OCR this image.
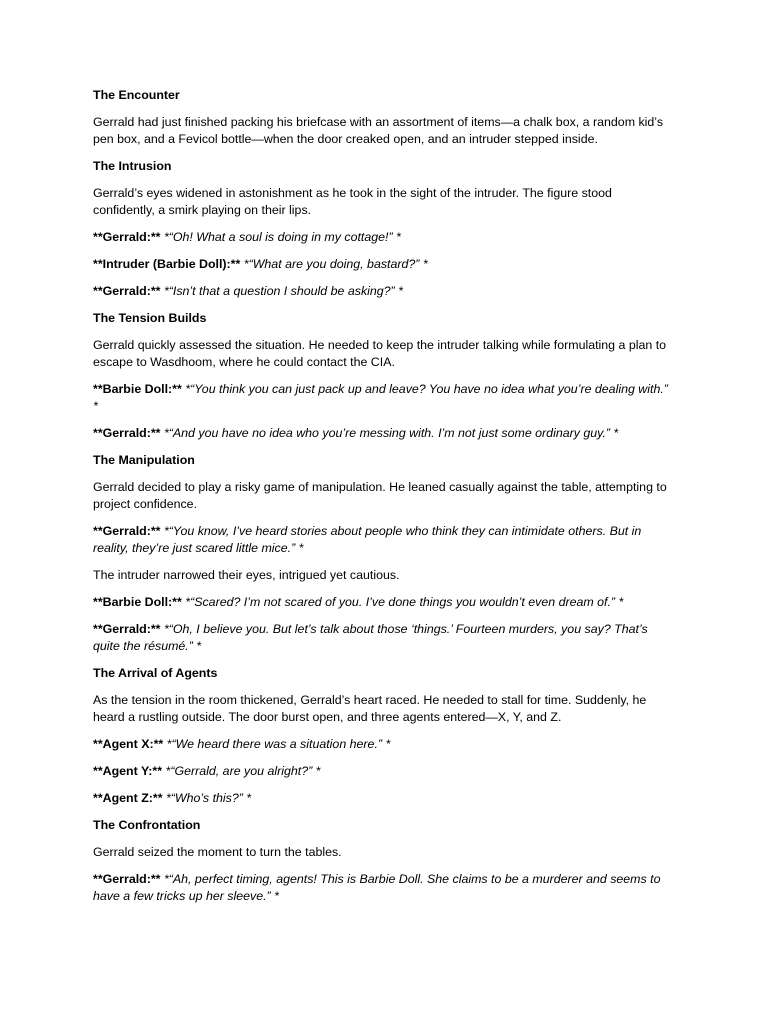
The Encounter
Gerrald had just finished packing his briefcase with an assortment of items—a chalk box, a random kid’s pen box, and a Fevicol bottle—when the door creaked open, and an intruder stepped inside.
The Intrusion
Gerrald’s eyes widened in astonishment as he took in the sight of the intruder. The figure stood confidently, a smirk playing on their lips.
**Gerrald:** *“Oh! What a soul is doing in my cottage!” *
**Intruder (Barbie Doll):** *“What are you doing, bastard?” *
**Gerrald:** *“Isn’t that a question I should be asking?” *
The Tension Builds
Gerrald quickly assessed the situation. He needed to keep the intruder talking while formulating a plan to escape to Wasdhoom, where he could contact the CIA.
**Barbie Doll:** *“You think you can just pack up and leave? You have no idea what you’re dealing with.” *
**Gerrald:** *“And you have no idea who you’re messing with. I’m not just some ordinary guy.” *
The Manipulation
Gerrald decided to play a risky game of manipulation. He leaned casually against the table, attempting to project confidence.
**Gerrald:** *“You know, I’ve heard stories about people who think they can intimidate others. But in reality, they’re just scared little mice.” *
The intruder narrowed their eyes, intrigued yet cautious.
**Barbie Doll:** *“Scared? I’m not scared of you. I’ve done things you wouldn’t even dream of.” *
**Gerrald:** *“Oh, I believe you. But let’s talk about those ‘things.’ Fourteen murders, you say? That’s quite the résumé.” *
The Arrival of Agents
As the tension in the room thickened, Gerrald’s heart raced. He needed to stall for time. Suddenly, he heard a rustling outside. The door burst open, and three agents entered—X, Y, and Z.
**Agent X:** *“We heard there was a situation here.” *
**Agent Y:** *“Gerrald, are you alright?” *
**Agent Z:** *“Who’s this?” *
The Confrontation
Gerrald seized the moment to turn the tables.
**Gerrald:** *“Ah, perfect timing, agents! This is Barbie Doll. She claims to be a murderer and seems to have a few tricks up her sleeve.” *
